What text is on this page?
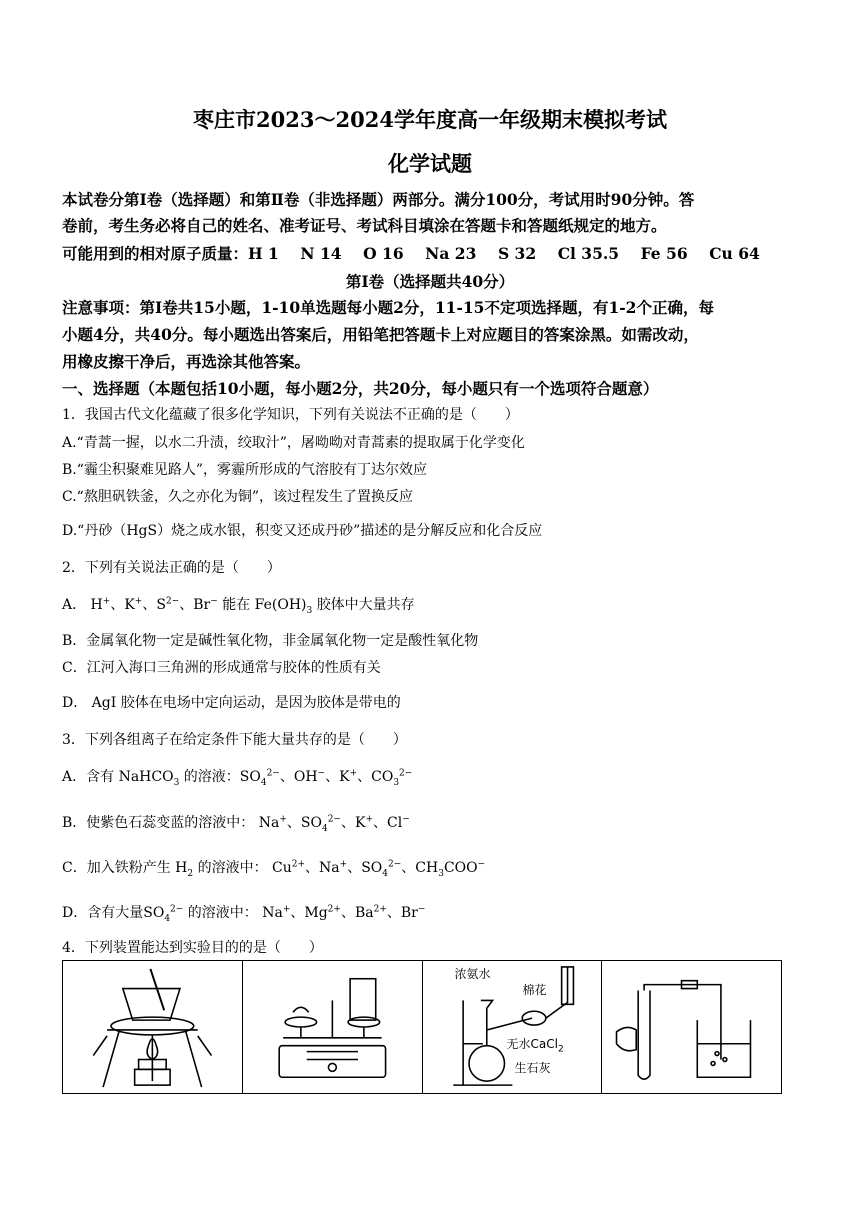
枣庄市2023～2024学年度高一年级期末模拟考试
化学试题
本试卷分第Ⅰ卷（选择题）和第Ⅱ卷（非选择题）两部分。满分100分，考试用时90分钟。答
卷前，考生务必将自己的姓名、准考证号、考试科目填涂在答题卡和答题纸规定的地方。
可能用到的相对原子质量：H 1    N 14    O 16    Na 23    S 32    Cl 35.5    Fe 56    Cu 64
第Ⅰ卷（选择题共40分）
注意事项：第Ⅰ卷共15小题，1-10单选题每小题2分，11-15不定项选择题，有1-2个正确，每
小题4分，共40分。每小题选出答案后，用铅笔把答题卡上对应题目的答案涂黑。如需改动，
用橡皮擦干净后，再选涂其他答案。
一、选择题（本题包括10小题，每小题2分，共20分，每小题只有一个选项符合题意）
1．我国古代文化蕴藏了很多化学知识，下列有关说法不正确的是（　　）
A.“青蒿一握，以水二升渍，绞取汁”，屠呦呦对青蒿素的提取属于化学变化
B.“霾尘积聚难见路人”，雾霾所形成的气溶胶有丁达尔效应
C.“熬胆矾铁釜，久之亦化为铜”，该过程发生了置换反应
D.“丹砂（HgS）烧之成水银，积变又还成丹砂”描述的是分解反应和化合反应
2．下列有关说法正确的是（　　）
A． H+、K+、$S^{2-}$、Br− 能在 $Fe(OH)_3$ 胶体中大量共存
B．金属氧化物一定是碱性氧化物，非金属氧化物一定是酸性氧化物
C．江河入海口三角洲的形成通常与胶体的性质有关
D． AgI 胶体在电场中定向运动，是因为胶体是带电的
3．下列各组离子在给定条件下能大量共存的是（　　）
A．含有 NaHCO$_3$ 的溶液：$SO_4^{2-}$、OH−、K+、$CO_3^{2-}$
B．使紫色石蕊变蓝的溶液中： Na+、$SO_4^{2-}$、K+、Cl−
C．加入铁粉产生 $H_2$ 的溶液中： $Cu^{2+}$、Na+、$SO_4^{2-}$、$CH_3COO^-$
D．含有大量$SO_4^{2-}$ 的溶液中： Na+、$Mg^{2+}$、$Ba^{2+}$、Br−
4．下列装置能达到实验目的的是（　　）
浓氨水
棉花
无水CaCl$_2$
生石灰
